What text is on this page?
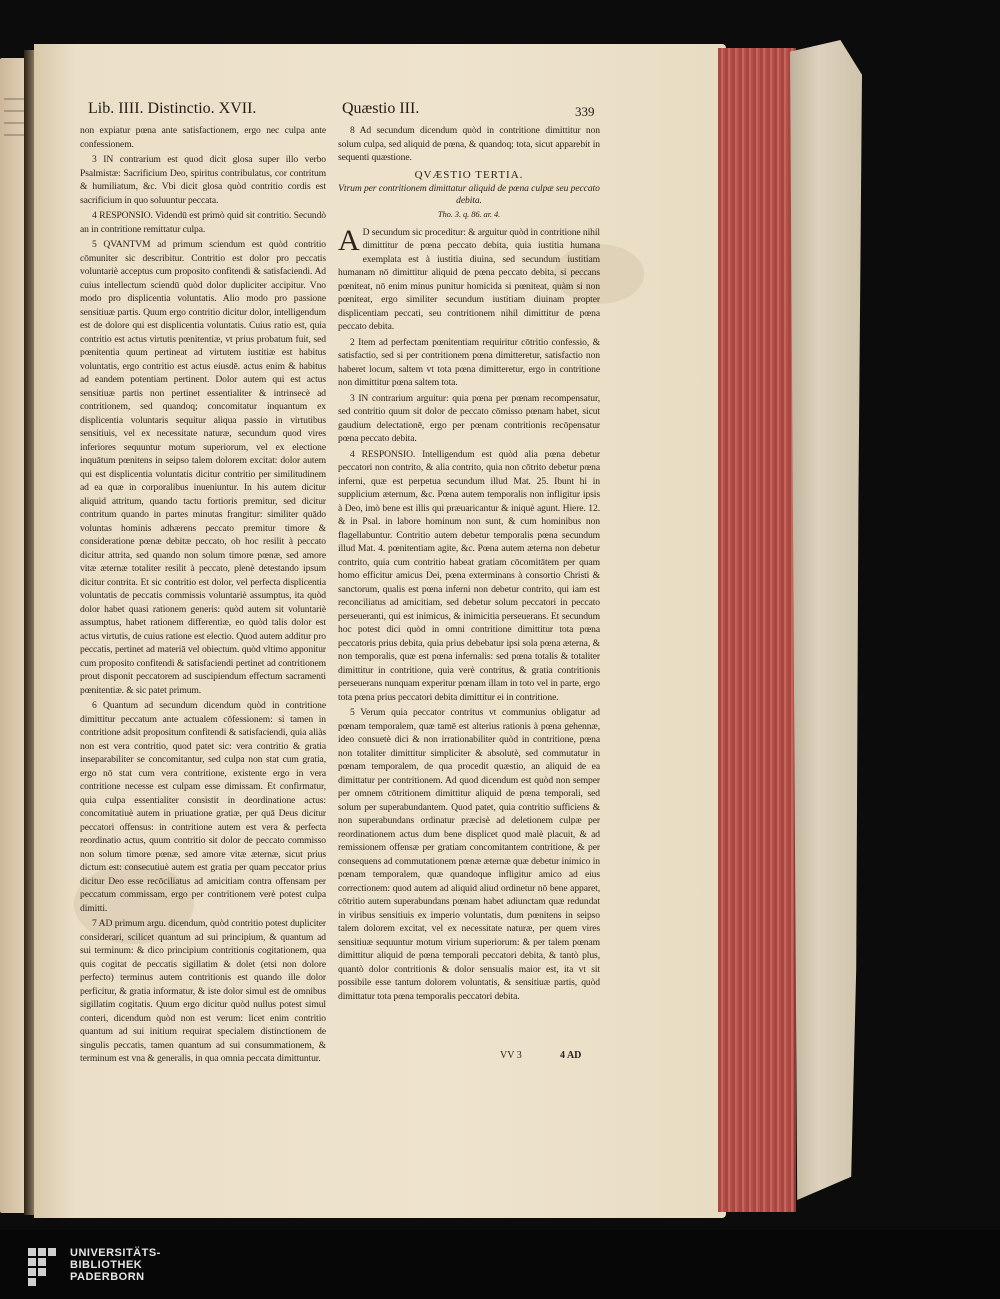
Lib. IIII. Distinctio. XVII.	Quæstio III.	339

non expiatur pœna ante satisfactionem, ergo nec culpa ante confessionem.

3 IN contrarium est quod dicit glosa super illo verbo Psalmistæ: Sacrificium Deo, spiritus contribulatus, cor contritum & humiliatum, &c. Vbi dicit glosa quòd contritio cordis est sacrificium in quo soluuntur peccata.

4 RESPONSIO. Videndū est primò quid sit contritio. Secundò an in contritione remittatur culpa.

5 QVANTVM ad primum sciendum est quòd contritio cōmuniter sic describitur. Contritio est dolor pro peccatis voluntariè acceptus cum proposito confitendi & satisfaciendi. Ad cuius intellectum sciendū quòd dolor dupliciter accipitur. Vno modo pro displicentia voluntatis. Alio modo pro passione sensitiuæ partis. Quum ergo contritio dicitur dolor, intelligendum est de dolore qui est displicentia voluntatis. Cuius ratio est, quia contritio est actus virtutis pœnitentiæ, vt prius probatum fuit, sed pœnitentia quum pertineat ad virtutem iustitiæ est habitus voluntatis, ergo contritio est actus eiusdē. actus enim & habitus ad eandem potentiam pertinent. Dolor autem qui est actus sensitiuæ partis non pertinet essentialiter & intrinsecè ad contritionem, sed quandoq; concomitatur inquantum ex displicentia voluntaris sequitur aliqua passio in virtutibus sensitiuis, vel ex necessitate naturæ, secundum quod vires inferiores sequuntur motum superiorum, vel ex electione inquātum pœnitens in seipso talem dolorem excitat: dolor autem qui est displicentia voluntatis dicitur contritio per similitudinem ad ea quæ in corporalibus inueniuntur. In his autem dicitur aliquid attritum, quando tactu fortioris premitur, sed dicitur contritum quando in partes minutas frangitur: similiter quādo voluntas hominis adhærens peccato premitur timore & consideratione pœnæ debitæ peccato, ob hoc resilit à peccato dicitur attrita, sed quando non solum timore pœnæ, sed amore vitæ æternæ totaliter resilit à peccato, plenè detestando ipsum dicitur contrita. Et sic contritio est dolor, vel perfecta displicentia voluntatis de peccatis commissis voluntariè assumptus, ita quòd dolor habet quasi rationem generis: quòd autem sit voluntariè assumptus, habet rationem differentiæ, eo quòd talis dolor est actus virtutis, de cuius ratione est electio. Quod autem additur pro peccatis, pertinet ad materiā vel obiectum. quòd vltimo apponitur cum proposito confitendi & satisfaciendi pertinet ad contritionem prout disponit peccatorem ad suscipiendum effectum sacramenti pœnitentiæ. & sic patet primum.

6 Quantum ad secundum dicendum quòd in contritione dimittitur peccatum ante actualem cōfessionem: si tamen in contritione adsit propositum confitendi & satisfaciendi, quia aliàs non est vera contritio, quod patet sic: vera contritio & gratia inseparabiliter se concomitantur, sed culpa non stat cum gratia, ergo nō stat cum vera contritione, existente ergo in vera contritione necesse est culpam esse dimissam. Et confirmatur, quia culpa essentialiter consistit in deordinatione actus: concomitatiuè autem in priuatione gratiæ, per quā Deus dicitur peccatori offensus: in contritione autem est vera & perfecta reordinatio actus, quum contritio sit dolor de peccato commisso non solum timore pœnæ, sed amore vitæ æternæ, sicut prius dictum est: consecutiuè autem est gratia per quam peccator prius dicitur Deo esse recōciliatus ad amicitiam contra offensam per peccatum commissam, ergo per contritionem verè potest culpa dimitti.

7 AD primum argu. dicendum, quòd contritio potest dupliciter considerari, scilicet quantum ad sui principium, & quantum ad sui terminum: & dico principium contritionis cogitationem, qua quis cogitat de peccatis sigillatim & dolet (etsi non dolore perfecto) terminus autem contritionis est quando ille dolor perficitur, & gratia informatur, & iste dolor simul est de omnibus sigillatim cogitatis. Quum ergo dicitur quòd nullus potest simul conteri, dicendum quòd non est verum: licet enim contritio quantum ad sui initium requirat specialem distinctionem de singulis peccatis, tamen quantum ad sui consummationem, & terminum est vna & generalis, in qua omnia peccata dimittuntur.

8 Ad secundum dicendum quòd in contritione dimittitur non solum culpa, sed aliquid de pœna, & quandoq; tota, sicut apparebit in sequenti quæstione.

QVÆSTIO TERTIA.
Vtrum per contritionem dimittatur aliquid de pœna culpæ seu peccato debita.
Tho. 3. q. 86. ar. 4.

A D secundum sic proceditur: & arguitur quòd in contritione nihil dimittitur de pœna peccato debita, quia iustitia humana exemplata est à iustitia diuina, sed secundum iustitiam humanam nō dimittitur aliquid de pœna peccato debita, si peccans pœniteat, nō enim minus punitur homicida si pœniteat, quàm si non pœniteat, ergo similiter secundum iustitiam diuinam propter displicentiam peccati, seu contritionem nihil dimittitur de pœna peccato debita.

2 Item ad perfectam pœnitentiam requiritur cōtritio confessio, & satisfactio, sed si per contritionem pœna dimitteretur, satisfactio non haberet locum, saltem vt tota pœna dimitteretur, ergo in contritione non dimittitur pœna saltem tota.

3 IN contrarium arguitur: quia pœna per pœnam recompensatur, sed contritio quum sit dolor de peccato cōmisso pœnam habet, sicut gaudium delectationē, ergo per pœnam contritionis recōpensatur pœna peccato debita.

4 RESPONSIO. Intelligendum est quòd alia pœna debetur peccatori non contrito, & alia contrito, quia non cōtrito debetur pœna inferni, quæ est perpetua secundum illud Mat. 25. Ibunt hi in supplicium æternum, &c. Pœna autem temporalis non infligitur ipsis à Deo, imò bene est illis qui præuaricantur & iniquè agunt. Hiere. 12. & in Psal. in labore hominum non sunt, & cum hominibus non flagellabuntur. Contritio autem debetur temporalis pœna secundum illud Mat. 4. pœnitentiam agite, &c. Pœna autem æterna non debetur contrito, quia cum contritio habeat gratiam cōcomitātem per quam homo efficitur amicus Dei, pœna exterminans à consortio Christi & sanctorum, qualis est pœna inferni non debetur contrito, qui iam est reconciliatus ad amicitiam, sed debetur solum peccatori in peccato perseueranti, qui est inimicus, & inimicitia perseuerans. Et secundum hoc potest dici quòd in omni contritione dimittitur tota pœna peccatoris prius debita, quia prius debebatur ipsi sola pœna æterna, & non temporalis, quæ est pœna infernalis: sed pœna totalis & totaliter dimittitur in contritione, quia verè contritus, & gratia contritionis perseuerans nunquam experitur pœnam illam in toto vel in parte, ergo tota pœna prius peccatori debita dimittitur ei in contritione.

5 Verum quia peccator contritus vt communius obligatur ad pœnam temporalem, quæ tamē est alterius rationis à pœna gehennæ, ideo consuetè dici & non irrationabiliter quòd in contritione, pœna non totaliter dimittitur simpliciter & absolutè, sed commutatur in pœnam temporalem, de qua procedit quæstio, an aliquid de ea dimittatur per contritionem. Ad quod dicendum est quòd non semper per omnem cōtritionem dimittitur aliquid de pœna temporali, sed solum per superabundantem. Quod patet, quia contritio sufficiens & non superabundans ordinatur præcisè ad deletionem culpæ per reordinationem actus dum bene displicet quod malè placuit, & ad remissionem offensæ per gratiam concomitantem contritione, & per consequens ad commutationem pœnæ æternæ quæ debetur inimico in pœnam temporalem, quæ quandoque infligitur amico ad eius correctionem: quod autem ad aliquid aliud ordinetur nō bene apparet, cōtritio autem superabundans pœnam habet adiunctam quæ redundat in viribus sensitiuis ex imperio voluntatis, dum pœnitens in seipso talem dolorem excitat, vel ex necessitate naturæ, per quem vires sensitiuæ sequuntur motum virium superiorum: & per talem pœnam dimittitur aliquid de pœna temporali peccatori debita, & tantò plus, quantò dolor contritionis & dolor sensualis maior est, ita vt sit possibile esse tantum dolorem voluntatis, & sensitiuæ partis, quòd dimittatur tota pœna temporalis peccatori debita.

VV 3	4 AD
UNIVERSITÄTS-
BIBLIOTHEK
PADERBORN
